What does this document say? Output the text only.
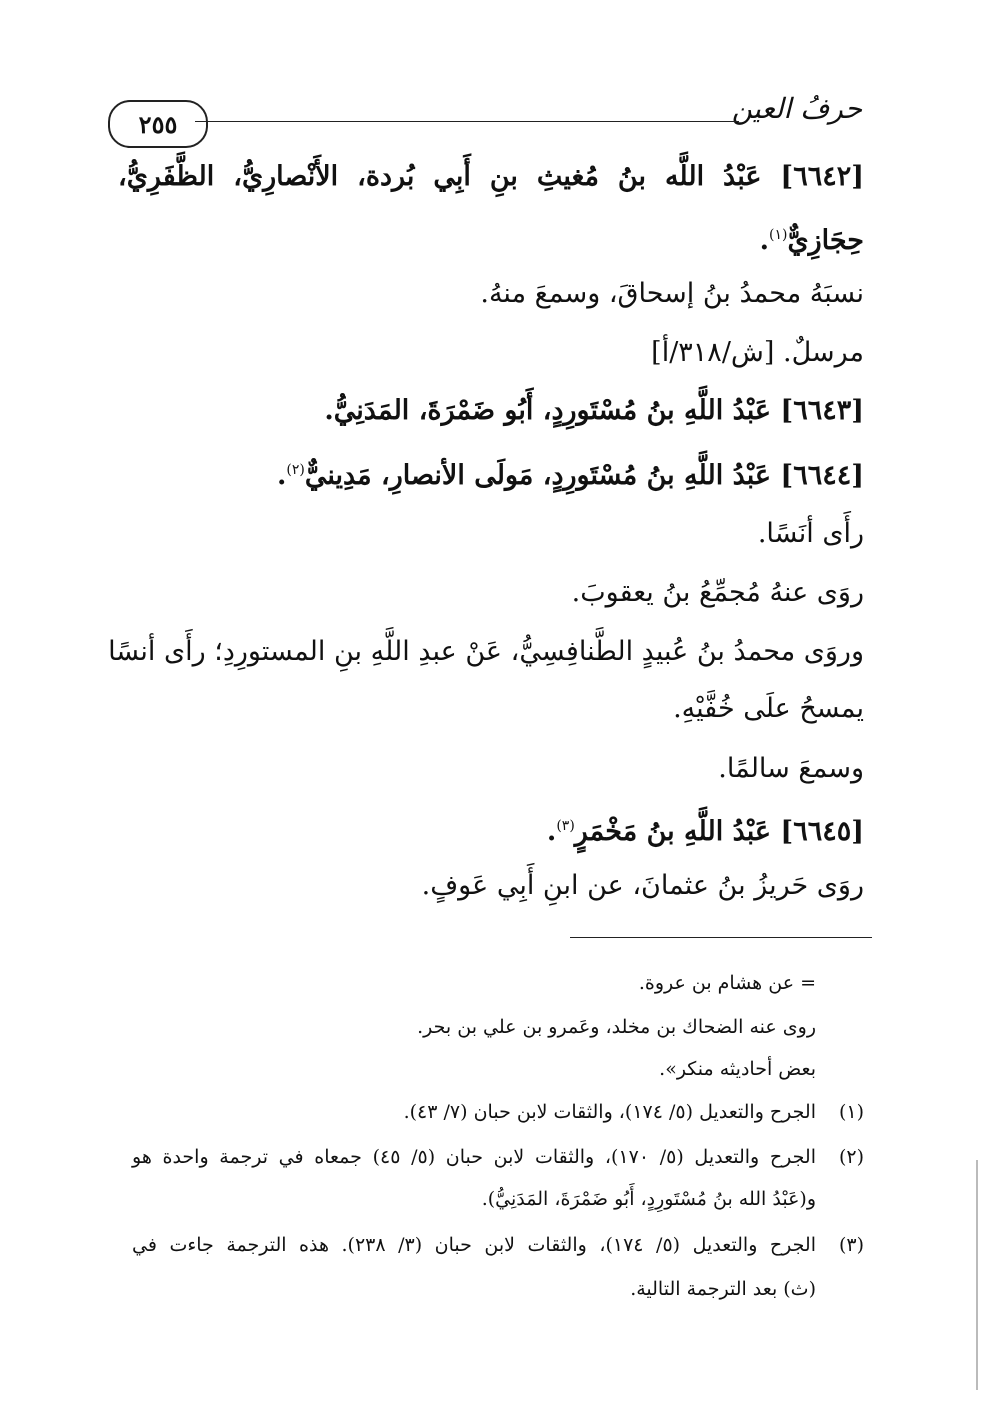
حرفُ العين
٢٥٥
[٦٦٤٢] عَبْدُ اللَّه بنُ مُغيثِ بنِ أَبِي بُردة، الأَنْصارِيُّ، الظَّفَرِيُّ،
حِجَازِيٌّ$^{(١)}$.
نسبَهُ محمدُ بنُ إسحاقَ، وسمعَ منهُ.
مرسلٌ. [ش/٣١٨/أ]
[٦٦٤٣] عَبْدُ اللَّهِ بنُ مُسْتَورِدٍ، أَبُو ضَمْرَةَ، المَدَنِيُّ.
[٦٦٤٤] عَبْدُ اللَّهِ بنُ مُسْتَورِدٍ، مَولَى الأنصارِ، مَدِينيٌّ$^{(٢)}$.
رأَى أنَسًا.
روَى عنهُ مُجمِّعُ بنُ يعقوبَ.
وروَى محمدُ بنُ عُبيدٍ الطَّنافِسِيُّ، عَنْ عبدِ اللَّهِ بنِ المستورِدِ؛ رأَى أنسًا
يمسحُ علَى خُفَّيْهِ.
وسمعَ سالمًا.
[٦٦٤٥] عَبْدُ اللَّهِ بنُ مَخْمَرٍ$^{(٣)}$.
روَى حَريزُ بنُ عثمانَ، عن ابنِ أَبِي عَوفٍ.
= عن هشام بن عروة.
روى عنه الضحاك بن مخلد، وعَمرو بن علي بن بحر.
بعض أحاديثه منكر».
(١)
الجرح والتعديل (٥/ ١٧٤)، والثقات لابن حبان (٧/ ٤٣).
(٢)
الجرح والتعديل (٥/ ١٧٠)، والثقات لابن حبان (٥/ ٤٥) جمعاه في ترجمة واحدة هو
و(عَبْدُ الله بنُ مُسْتَورِدٍ، أَبُو ضَمْرَةَ، المَدَنِيُّ).
(٣)
الجرح والتعديل (٥/ ١٧٤)، والثقات لابن حبان (٣/ ٢٣٨). هذه الترجمة جاءت في
(ث) بعد الترجمة التالية.
